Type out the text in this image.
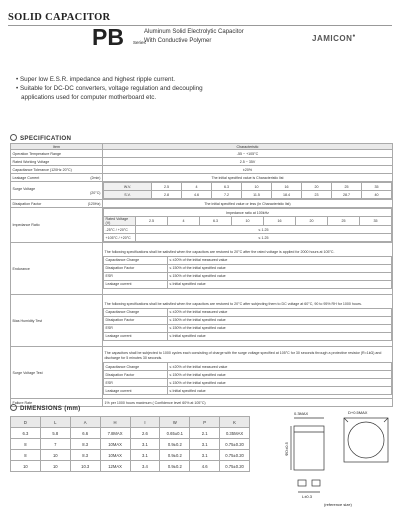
SOLID CAPACITOR
PB Series
Aluminum Solid Electrolytic Capacitor
With Conductive Polymer	JAMICON●
• Super low E.S.R. impedance and highest ripple current.
• Suitable for DC-DC converters, voltage regulation and decoupling
applications used for computer motherboard etc.
SPECIFICATION
Item	Characteristic
Operation Temperature Range	-55 ~ +105°C
Rated Working Voltage	2.5 ~ 35V
Capacitance Tolerance (120Hz 20°C)	±20%
Leakage Current	(2min)	The initial specified value is Characteristic list
Surge Voltage

(20°C)

W.V.	2.5	4	6.3	10	16	20	25	35
S.V.	2.8	4.6	7.2	11.5	18.4	23	28.7	40

Dissipation Factor	(120Hz)	The initial specified value or less (in Characteristic list)
Impedance Ratio	
Impedance ratio at 100kHz
Rated Voltage (V)	2.5	4	6.3	10	16	20	25	35
-25°C / +20°C	≤ 1.25
+105°C / +20°C	≤ 1.25

Endurance	
The following specifications shall be satisfied when the capacitors are restored to 20°C after the rated voltage is applied for 2000 hours at 105°C.
Capacitance Change	≤ ±20% of the initial measured value
Dissipation Factor	≤ 150% of the initial specified value
ESR	≤ 150% of the initial specified value
Leakage current	≤ Initial specified value

Bias Humidity Test	
The following specifications shall be satisfied when the capacitors are restored to 20°C after subjecting them to DC voltage at 60°C, 90 to 95% RH for 1000 hours.
Capacitance Change	≤ ±20% of the initial measured value
Dissipation Factor	≤ 150% of the initial specified value
ESR	≤ 150% of the initial specified value
Leakage current	≤ Initial specified value

Surge Voltage Test	
The capacitors shall be subjected to 1000 cycles each consisting of charge with the surge voltage specified at 105°C for 30 seconds through a protective resistor (R=1kΩ) and discharge for 5 minutes 30 seconds.
Capacitance Change	≤ ±20% of the initial measured value
Dissipation Factor	≤ 150% of the initial specified value
ESR	≤ 150% of the initial specified value
Leakage current	≤ Initial specified value

Failure Rate	1% per 1000 hours maximum ( Confidence level 60% at 105°C)
DIMENSIONS (mm)
D	L	A	H	I	W	P	K
6.3	5.8	6.6	7.8MAX	2.6	0.65±0.1	2.1	0.35MAX
8	7	8.3	10MAX	3.1	0.9±0.2	3.1	0.75±0.20
8	10	8.3	10MAX	3.1	0.9±0.2	3.1	0.75±0.20
10	10	10.3	12MAX	3.4	0.9±0.2	4.6	0.75±0.20
0.3MAX	D+0.5MAX
ΦD±0.5
L±0.3
(reference size)
